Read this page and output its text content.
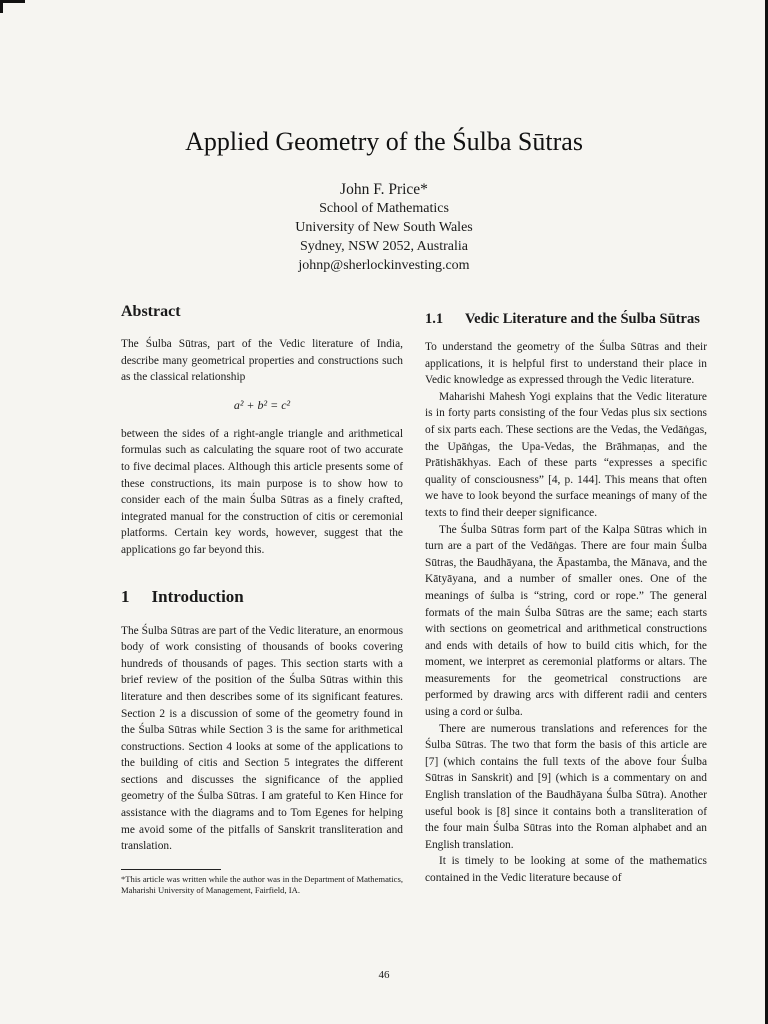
Applied Geometry of the Śulba Sūtras
John F. Price*
School of Mathematics
University of New South Wales
Sydney, NSW 2052, Australia
johnp@sherlockinvesting.com
Abstract

The Śulba Sūtras, part of the Vedic literature of India, describe many geometrical properties and constructions such as the classical relationship

a² + b² = c²

between the sides of a right-angle triangle and arithmetical formulas such as calculating the square root of two accurate to five decimal places. Although this article presents some of these constructions, its main purpose is to show how to consider each of the main Śulba Sūtras as a finely crafted, integrated manual for the construction of citis or ceremonial platforms. Certain key words, however, suggest that the applications go far beyond this.

1 Introduction

The Śulba Sūtras are part of the Vedic literature, an enormous body of work consisting of thousands of books covering hundreds of thousands of pages. This section starts with a brief review of the position of the Śulba Sūtras within this literature and then describes some of its significant features. Section 2 is a discussion of some of the geometry found in the Śulba Sūtras while Section 3 is the same for arithmetical constructions. Section 4 looks at some of the applications to the building of citis and Section 5 integrates the different sections and discusses the significance of the applied geometry of the Śulba Sūtras. I am grateful to Ken Hince for assistance with the diagrams and to Tom Egenes for helping me avoid some of the pitfalls of Sanskrit transliteration and translation.

*This article was written while the author was in the Department of Mathematics, Maharishi University of Management, Fairfield, IA.

1.1	Vedic Literature and the Śulba Sūtras

To understand the geometry of the Śulba Sūtras and their applications, it is helpful first to understand their place in Vedic knowledge as expressed through the Vedic literature.

Maharishi Mahesh Yogi explains that the Vedic literature is in forty parts consisting of the four Vedas plus six sections of six parts each. These sections are the Vedas, the Vedāṅgas, the Upāṅgas, the Upa-Vedas, the Brāhmaṇas, and the Prātishākhyas. Each of these parts “expresses a specific quality of consciousness” [4, p. 144]. This means that often we have to look beyond the surface meanings of many of the texts to find their deeper significance.

The Śulba Sūtras form part of the Kalpa Sūtras which in turn are a part of the Vedāṅgas. There are four main Śulba Sūtras, the Baudhāyana, the Āpastamba, the Mānava, and the Kātyāyana, and a number of smaller ones. One of the meanings of śulba is “string, cord or rope.” The general formats of the main Śulba Sūtras are the same; each starts with sections on geometrical and arithmetical constructions and ends with details of how to build citis which, for the moment, we interpret as ceremonial platforms or altars. The measurements for the geometrical constructions are performed by drawing arcs with different radii and centers using a cord or śulba.

There are numerous translations and references for the Śulba Sūtras. The two that form the basis of this article are [7] (which contains the full texts of the above four Śulba Sūtras in Sanskrit) and [9] (which is a commentary on and English translation of the Baudhāyana Śulba Sūtra). Another useful book is [8] since it contains both a transliteration of the four main Śulba Sūtras into the Roman alphabet and an English translation.

It is timely to be looking at some of the mathematics contained in the Vedic literature because of

46
